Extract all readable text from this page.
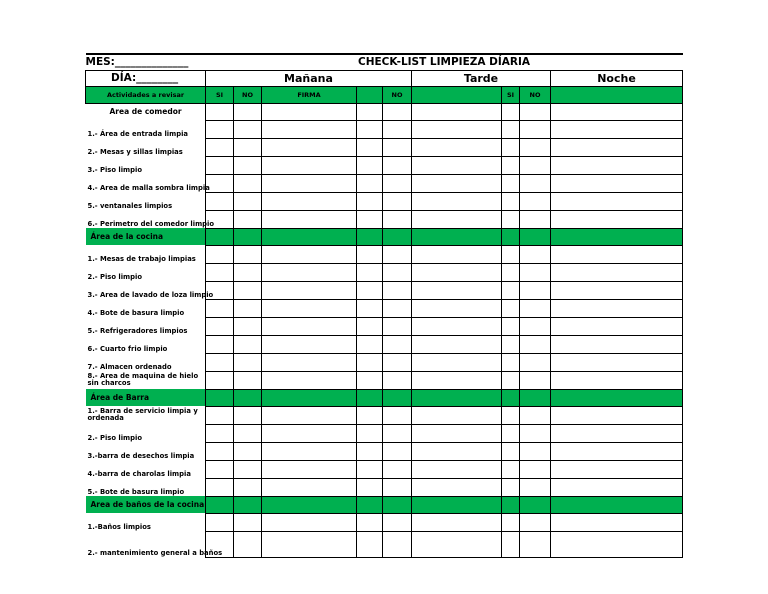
MES:______________	CHECK-LIST LIMPIEZA DÍARIA								
DÍA:________	Mañana					Tarde			Noche
Actividades a revisar	SI	NO	FIRMA		NO		SI	NO	
Area de comedor									
1.- Área de entrada limpia									
2.- Mesas y sillas limpias									
3.- Piso limpio									
4.- Area de malla sombra limpia									
5.- ventanales limpios									
6.- Perimetro del comedor limpio									
Área de la cocina									
1.- Mesas de trabajo limpias									
2.- Piso limpio									
3.- Area de lavado de loza limpio									
4.- Bote de basura limpio									
5.- Refrigeradores limpios									
6.- Cuarto frio limpio									
7.- Almacen ordenado									
8.- Area de maquina de hielo sin charcos									
Área de Barra									
1.- Barra de servicio limpia y ordenada									
2.- Piso limpio									
3.-barra de desechos limpia									
4.-barra de charolas limpia									
5.- Bote de basura limpio									
Area de baños de la cocina									
1.-Baños limpios									
2.- mantenimiento general a baños									
